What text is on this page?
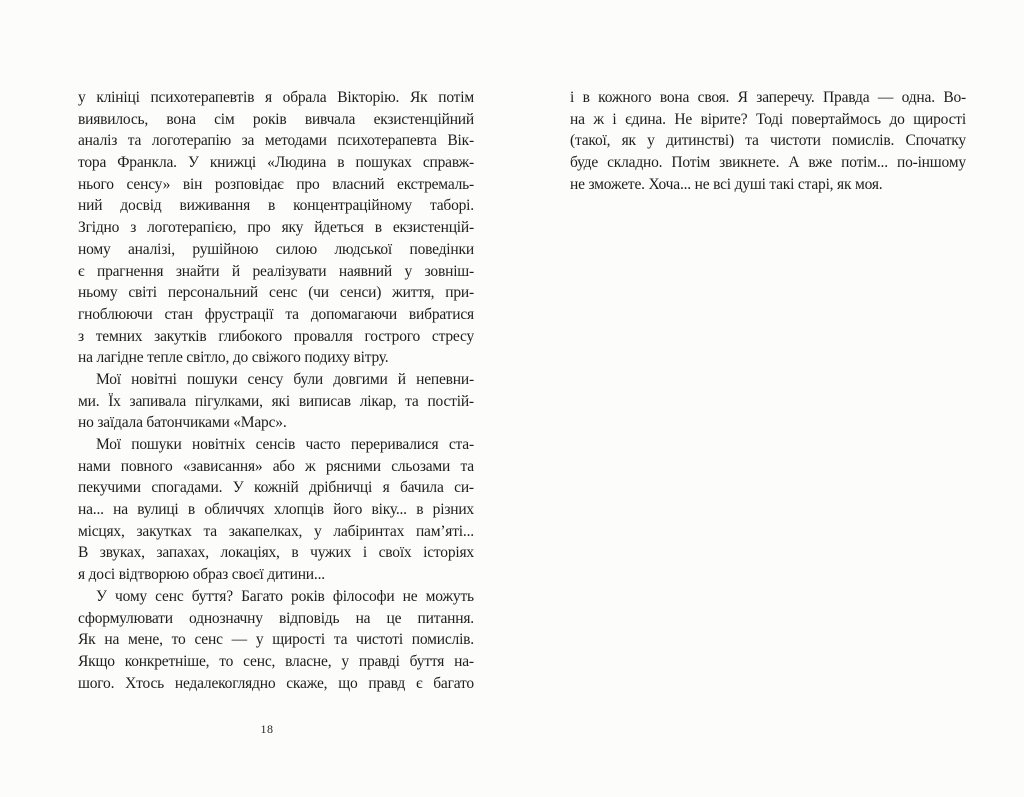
у клініці психотерапевтів я обрала Вікторію. Як потім
виявилось, вона сім років вивчала екзистенційний
аналіз та логотерапію за методами психотерапевта Вік-
тора Франкла. У книжці «Людина в пошуках справж-
нього сенсу» він розповідає про власний екстремаль-
ний досвід виживання в концентраційному таборі.
Згідно з логотерапією, про яку йдеться в екзистенцій-
ному аналізі, рушійною силою людської поведінки
є прагнення знайти й реалізувати наявний у зовніш-
ньому світі персональний сенс (чи сенси) життя, при-
гноблюючи стан фрустрації та допомагаючи вибратися
з темних закутків глибокого провалля гострого стресу
на лагідне тепле світло, до свіжого подиху вітру.
Мої новітні пошуки сенсу були довгими й непевни-
ми. Їх запивала пігулками, які виписав лікар, та постій-
но заїдала батончиками «Марс».
Мої пошуки новітніх сенсів часто переривалися ста-
нами повного «зависання» або ж рясними сльозами та
пекучими спогадами. У кожній дрібничці я бачила си-
на... на вулиці в обличчях хлопців його віку... в різних
місцях, закутках та закапелках, у лабіринтах пам’яті...
В звуках, запахах, локаціях, в чужих і своїх історіях
я досі відтворюю образ своєї дитини...
У чому сенс буття? Багато років філософи не можуть
сформулювати однозначну відповідь на це питання.
Як на мене, то сенс — у щирості та чистоті помислів.
Якщо конкретніше, то сенс, власне, у правді буття на-
шого. Хтось недалекоглядно скаже, що правд є багато
і в кожного вона своя. Я заперечу. Правда — одна. Во-
на ж і єдина. Не вірите? Тоді повертаймось до щирості
(такої, як у дитинстві) та чистоти помислів. Спочатку
буде складно. Потім звикнете. А вже потім... по-іншому
не зможете. Хоча... не всі душі такі старі, як моя.
18
